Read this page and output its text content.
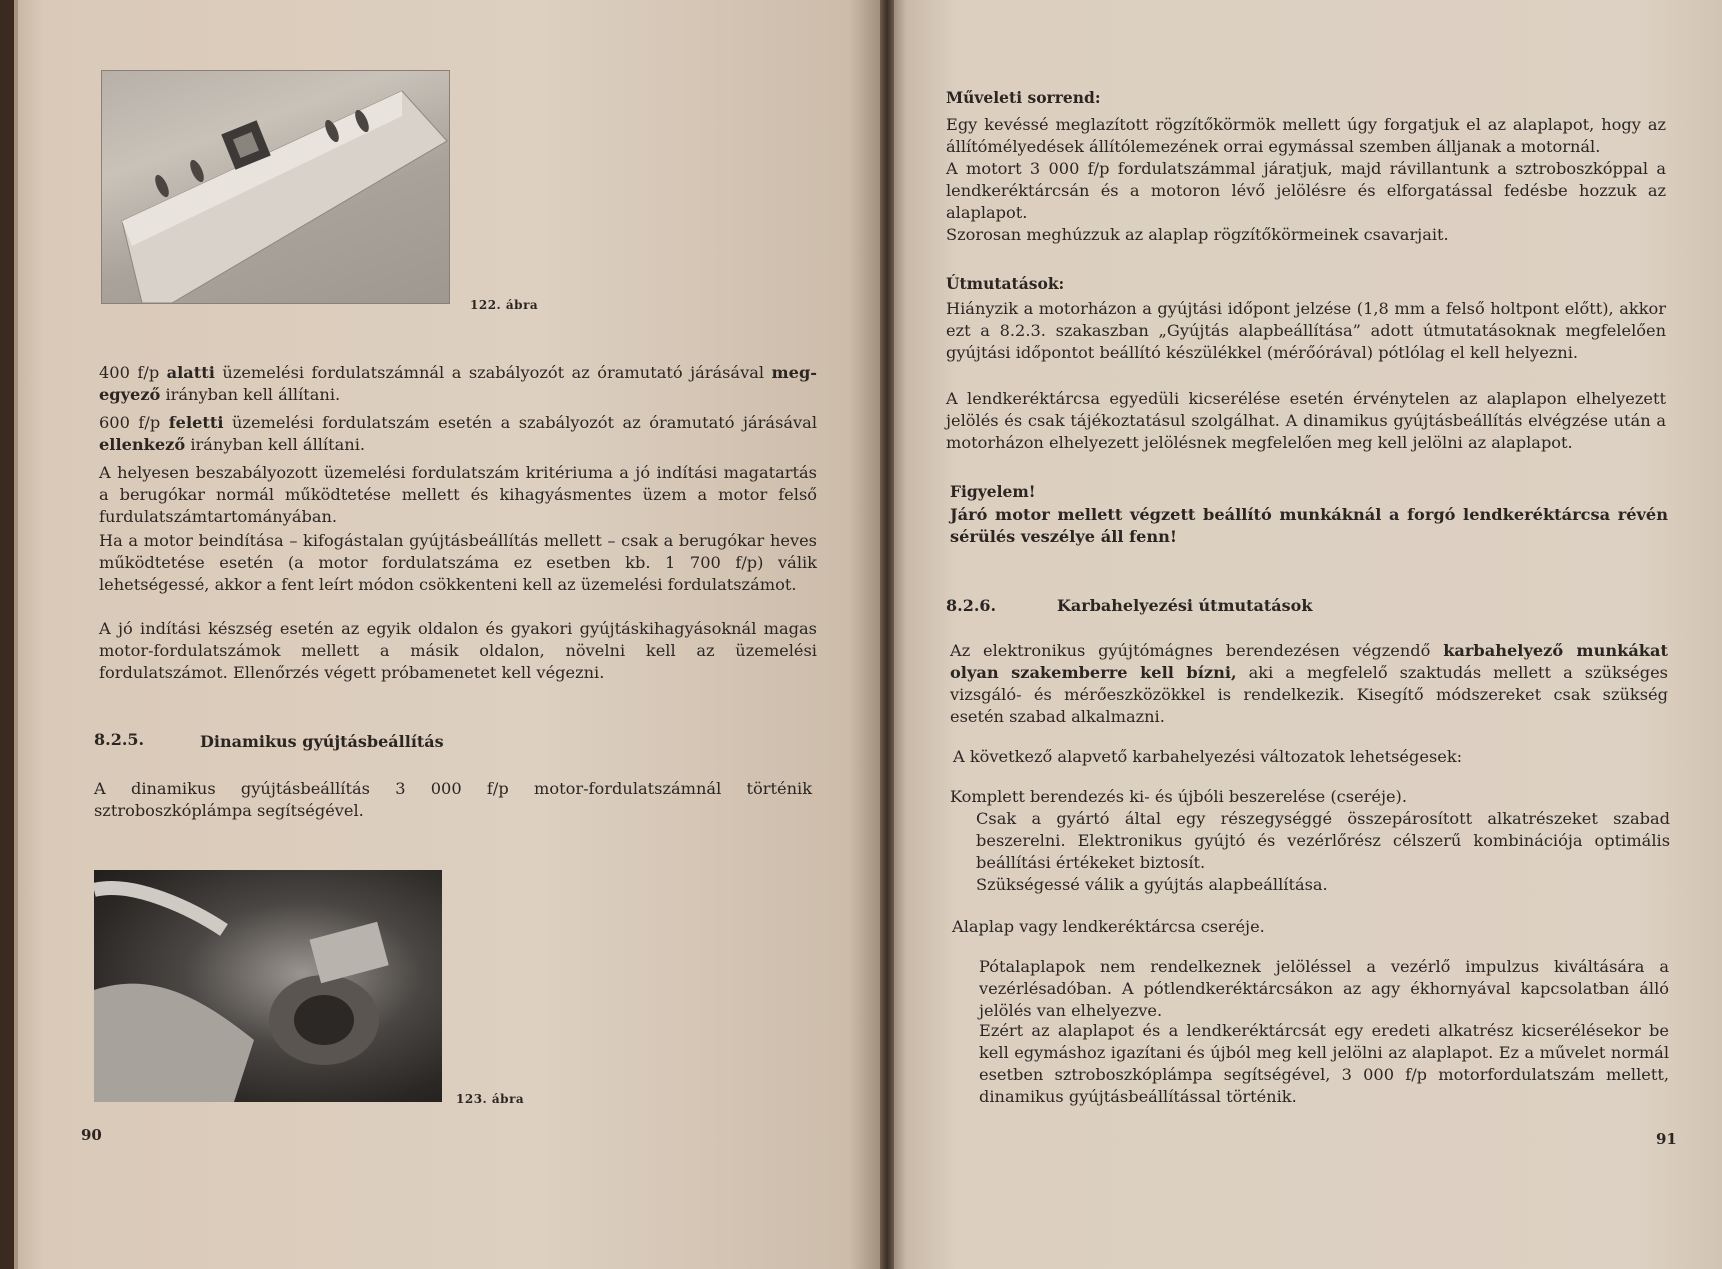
122. ábra

400 f/p alatti üzemelési fordulatszámnál a szabályozót az óramutató járásával meg-egyező irányban kell állítani.

600 f/p feletti üzemelési fordulatszám esetén a szabályozót az óramutató járásával ellenkező irányban kell állítani.

A helyesen beszabályozott üzemelési fordulatszám kritériuma a jó indítási magatartás a berugókar normál működtetése mellett és kihagyásmentes üzem a motor felső furdulatszámtartományában.

Ha a motor beindítása – kifogástalan gyújtásbeállítás mellett – csak a berugókar heves működtetése esetén (a motor fordulatszáma ez esetben kb. 1 700 f/p) válik lehetségessé, akkor a fent leírt módon csökkenteni kell az üzemelési fordulatszámot.

A jó indítási készség esetén az egyik oldalon és gyakori gyújtáskihagyásoknál magas motor-fordulatszámok mellett a másik oldalon, növelni kell az üzemelési fordulatszámot. Ellenőrzés végett próbamenetet kell végezni.

8.2.5.	Dinamikus gyújtásbeállítás

A dinamikus gyújtásbeállítás 3 000 f/p motor-fordulatszámnál történik sztroboszkóplámpa segítségével.

123. ábra
90
Műveleti sorrend:

Egy kevéssé meglazított rögzítőkörmök mellett úgy forgatjuk el az alaplapot, hogy az állítómélyedések állítólemezének orrai egymással szemben álljanak a motornál.

A motort 3 000 f/p fordulatszámmal járatjuk, majd rávillantunk a sztroboszkóppal a lendkeréktárcsán és a motoron lévő jelölésre és elforgatással fedésbe hozzuk az alaplapot.

Szorosan meghúzzuk az alaplap rögzítőkörmeinek csavarjait.

Útmutatások:

Hiányzik a motorházon a gyújtási időpont jelzése (1,8 mm a felső holtpont előtt), akkor ezt a 8.2.3. szakaszban „Gyújtás alapbeállítása” adott útmutatásoknak megfelelően gyújtási időpontot beállító készülékkel (mérőórával) pótlólag el kell helyezni.

A lendkeréktárcsa egyedüli kicserélése esetén érvénytelen az alaplapon elhelyezett jelölés és csak tájékoztatásul szolgálhat. A dinamikus gyújtásbeállítás elvégzése után a motorházon elhelyezett jelölésnek megfelelően meg kell jelölni az alaplapot.

Figyelem!

Járó motor mellett végzett beállító munkáknál a forgó lendkeréktárcsa révén sérülés veszélye áll fenn!

8.2.6.	Karbahelyezési útmutatások

Az elektronikus gyújtómágnes berendezésen végzendő karbahelyező munkákat olyan szakemberre kell bízni, aki a megfelelő szaktudás mellett a szükséges vizsgáló- és mérőeszközökkel is rendelkezik. Kisegítő módszereket csak szükség esetén szabad alkalmazni.

A következő alapvető karbahelyezési változatok lehetségesek:

Komplett berendezés ki- és újbóli beszerelése (cseréje).

Csak a gyártó által egy részegységgé összepárosított alkatrészeket szabad beszerelni. Elektronikus gyújtó és vezérlőrész célszerű kombinációja optimális beállítási értékeket biztosít.

Szükségessé válik a gyújtás alapbeállítása.

Alaplap vagy lendkeréktárcsa cseréje.

Pótalaplapok nem rendelkeznek jelöléssel a vezérlő impulzus kiváltására a vezérlésadóban. A pótlendkeréktárcsákon az agy ékhornyával kapcsolatban álló jelölés van elhelyezve.

Ezért az alaplapot és a lendkeréktárcsát egy eredeti alkatrész kicserélésekor be kell egymáshoz igazítani és újból meg kell jelölni az alaplapot. Ez a művelet normál esetben sztroboszkóplámpa segítségével, 3 000 f/p motorfordulatszám mellett, dinamikus gyújtásbeállítással történik.

91
